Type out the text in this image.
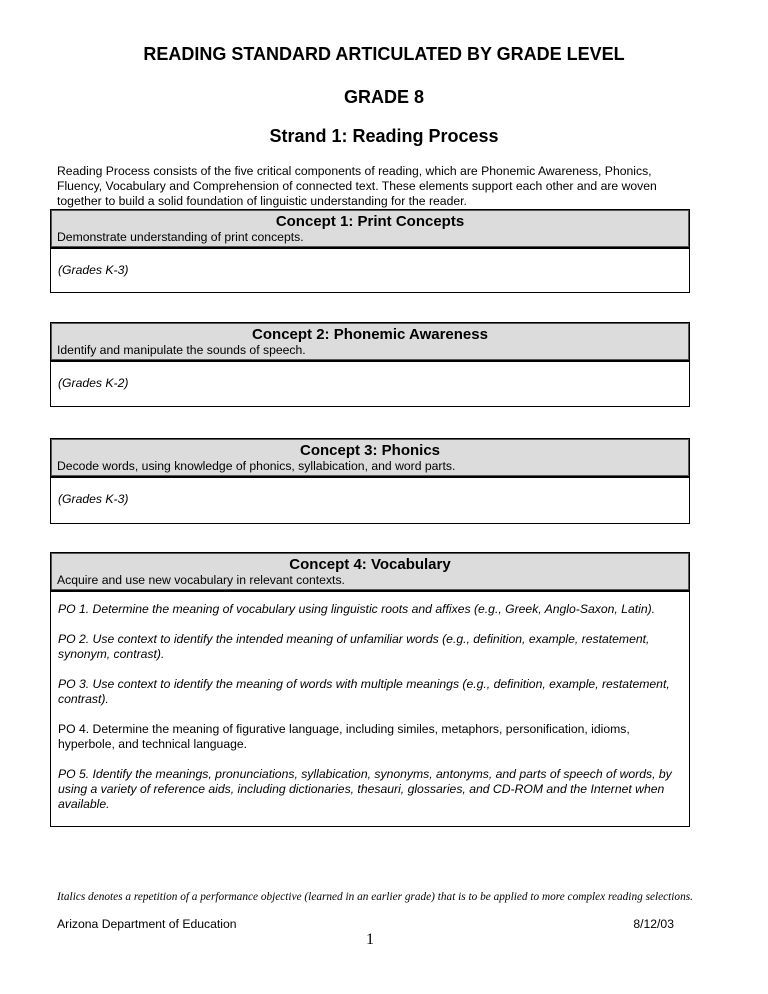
READING STANDARD ARTICULATED BY GRADE LEVEL
GRADE 8
Strand 1: Reading Process
Reading Process consists of the five critical components of reading, which are Phonemic Awareness, Phonics, Fluency, Vocabulary and Comprehension of connected text. These elements support each other and are woven together to build a solid foundation of linguistic understanding for the reader.
Concept 1: Print Concepts
Demonstrate understanding of print concepts.
(Grades K-3)
Concept 2: Phonemic Awareness
Identify and manipulate the sounds of speech.
(Grades K-2)
Concept 3: Phonics
Decode words, using knowledge of phonics, syllabication, and word parts.
(Grades K-3)
Concept 4: Vocabulary
Acquire and use new vocabulary in relevant contexts.
PO 1. Determine the meaning of vocabulary using linguistic roots and affixes (e.g., Greek, Anglo-Saxon, Latin).
PO 2. Use context to identify the intended meaning of unfamiliar words (e.g., definition, example, restatement, synonym, contrast).
PO 3. Use context to identify the meaning of words with multiple meanings (e.g., definition, example, restatement, contrast).
PO 4. Determine the meaning of figurative language, including similes, metaphors, personification, idioms, hyperbole, and technical language.
PO 5. Identify the meanings, pronunciations, syllabication, synonyms, antonyms, and parts of speech of words, by using a variety of reference aids, including dictionaries, thesauri, glossaries, and CD-ROM and the Internet when available.
Italics denotes a repetition of a performance objective (learned in an earlier grade) that is to be applied to more complex reading selections.
Arizona Department of Education	8/12/03
1
